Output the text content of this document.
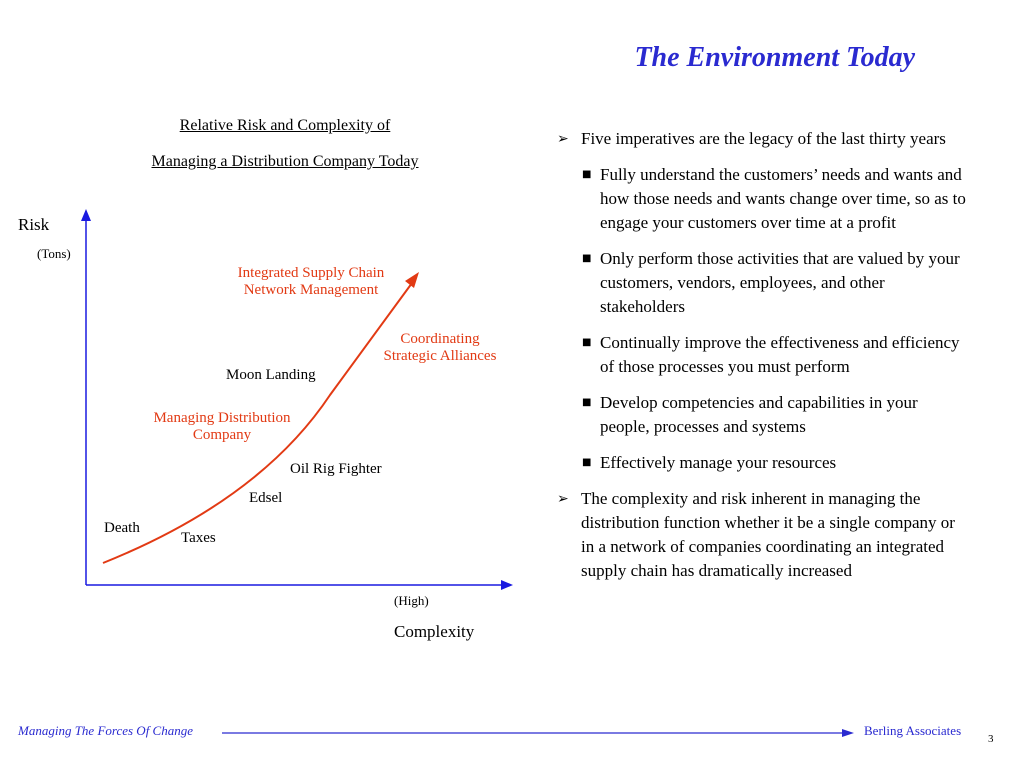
The Environment Today
Relative Risk and Complexity of
Managing a Distribution Company Today
Risk
(Tons)
Complexity
(High)
Integrated Supply Chain
Network Management
Coordinating
Strategic Alliances
Moon Landing
Managing Distribution
Company
Oil Rig Fighter
Edsel
Death
Taxes
➢ Five imperatives are the legacy of the last thirty years
■ Fully understand the customers’ needs and wants and how those needs and wants change over time, so as to engage your customers over time at a profit
■ Only perform those activities that are valued by your customers, vendors, employees, and other stakeholders
■ Continually improve the effectiveness and efficiency of those processes you must perform
■ Develop competencies and capabilities in your people, processes and systems
■ Effectively manage your resources
➢ The complexity and risk inherent in managing the distribution function whether it be a single company or in a network of companies coordinating an integrated supply chain has dramatically increased
Managing The Forces Of Change	Berling Associates
3
